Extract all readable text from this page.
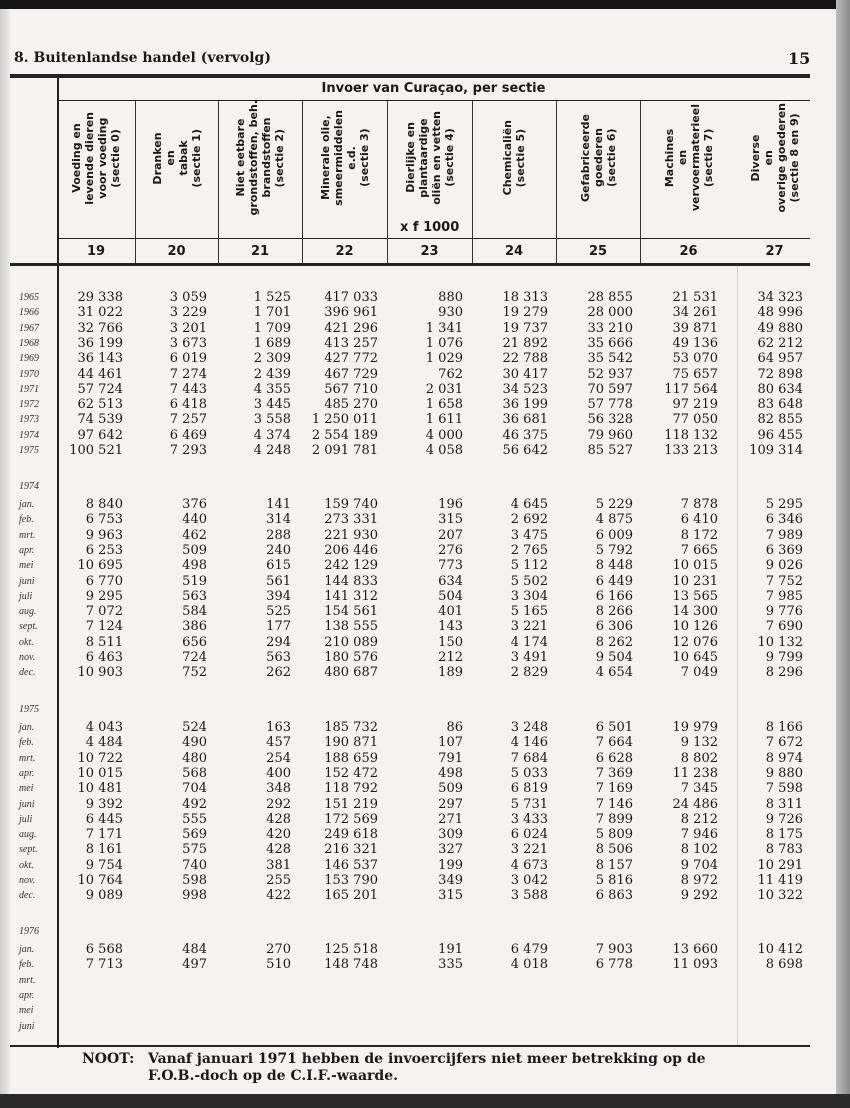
8. Buitenlandse handel (vervolg)	15
Invoer van Curaçao, per sectie
x f 1000
Voeding en levende dieren voor voeding (sectie 0)
19
Dranken en tabak (sectie 1)
20
Niet eetbare grondstoffen, beh. brandstoffen (sectie 2)
21
Minerale olie, smeermiddelen e.d. (sectie 3)
22
Dierlijke en plantaardige oliën en vetten (sectie 4)
23
Chemicaliën (sectie 5)
24
Gefabriceerde goederen (sectie 6)
25
Machines en vervoermaterieel (sectie 7)
26
Diverse en overige goederen (sectie 8 en 9)
27
1965	29 338	3 059	1 525	417 033	880	18 313	28 855	21 531	34 323
1966	31 022	3 229	1 701	396 961	930	19 279	28 000	34 261	48 996
1967	32 766	3 201	1 709	421 296	1 341	19 737	33 210	39 871	49 880
1968	36 199	3 673	1 689	413 257	1 076	21 892	35 666	49 136	62 212
1969	36 143	6 019	2 309	427 772	1 029	22 788	35 542	53 070	64 957
1970	44 461	7 274	2 439	467 729	762	30 417	52 937	75 657	72 898
1971	57 724	7 443	4 355	567 710	2 031	34 523	70 597	117 564	80 634
1972	62 513	6 418	3 445	485 270	1 658	36 199	57 778	97 219	83 648
1973	74 539	7 257	3 558	1 250 011	1 611	36 681	56 328	77 050	82 855
1974	97 642	6 469	4 374	2 554 189	4 000	46 375	79 960	118 132	96 455
1975	100 521	7 293	4 248	2 091 781	4 058	56 642	85 527	133 213	109 314
1974
jan.	8 840	376	141	159 740	196	4 645	5 229	7 878	5 295
feb.	6 753	440	314	273 331	315	2 692	4 875	6 410	6 346
mrt.	9 963	462	288	221 930	207	3 475	6 009	8 172	7 989
apr.	6 253	509	240	206 446	276	2 765	5 792	7 665	6 369
mei	10 695	498	615	242 129	773	5 112	8 448	10 015	9 026
juni	6 770	519	561	144 833	634	5 502	6 449	10 231	7 752
juli	9 295	563	394	141 312	504	3 304	6 166	13 565	7 985
aug.	7 072	584	525	154 561	401	5 165	8 266	14 300	9 776
sept.	7 124	386	177	138 555	143	3 221	6 306	10 126	7 690
okt.	8 511	656	294	210 089	150	4 174	8 262	12 076	10 132
nov.	6 463	724	563	180 576	212	3 491	9 504	10 645	9 799
dec.	10 903	752	262	480 687	189	2 829	4 654	7 049	8 296
1975
jan.	4 043	524	163	185 732	86	3 248	6 501	19 979	8 166
feb.	4 484	490	457	190 871	107	4 146	7 664	9 132	7 672
mrt.	10 722	480	254	188 659	791	7 684	6 628	8 802	8 974
apr.	10 015	568	400	152 472	498	5 033	7 369	11 238	9 880
mei	10 481	704	348	118 792	509	6 819	7 169	7 345	7 598
juni	9 392	492	292	151 219	297	5 731	7 146	24 486	8 311
juli	6 445	555	428	172 569	271	3 433	7 899	8 212	9 726
aug.	7 171	569	420	249 618	309	6 024	5 809	7 946	8 175
sept.	8 161	575	428	216 321	327	3 221	8 506	8 102	8 783
okt.	9 754	740	381	146 537	199	4 673	8 157	9 704	10 291
nov.	10 764	598	255	153 790	349	3 042	5 816	8 972	11 419
dec.	9 089	998	422	165 201	315	3 588	6 863	9 292	10 322
1976
jan.	6 568	484	270	125 518	191	6 479	7 903	13 660	10 412
feb.	7 713	497	510	148 748	335	4 018	6 778	11 093	8 698
mrt.
apr.
mei
juni
NOOT: Vanaf januari 1971 hebben de invoercijfers niet meer betrekking op de
F.O.B.-doch op de C.I.F.-waarde.
